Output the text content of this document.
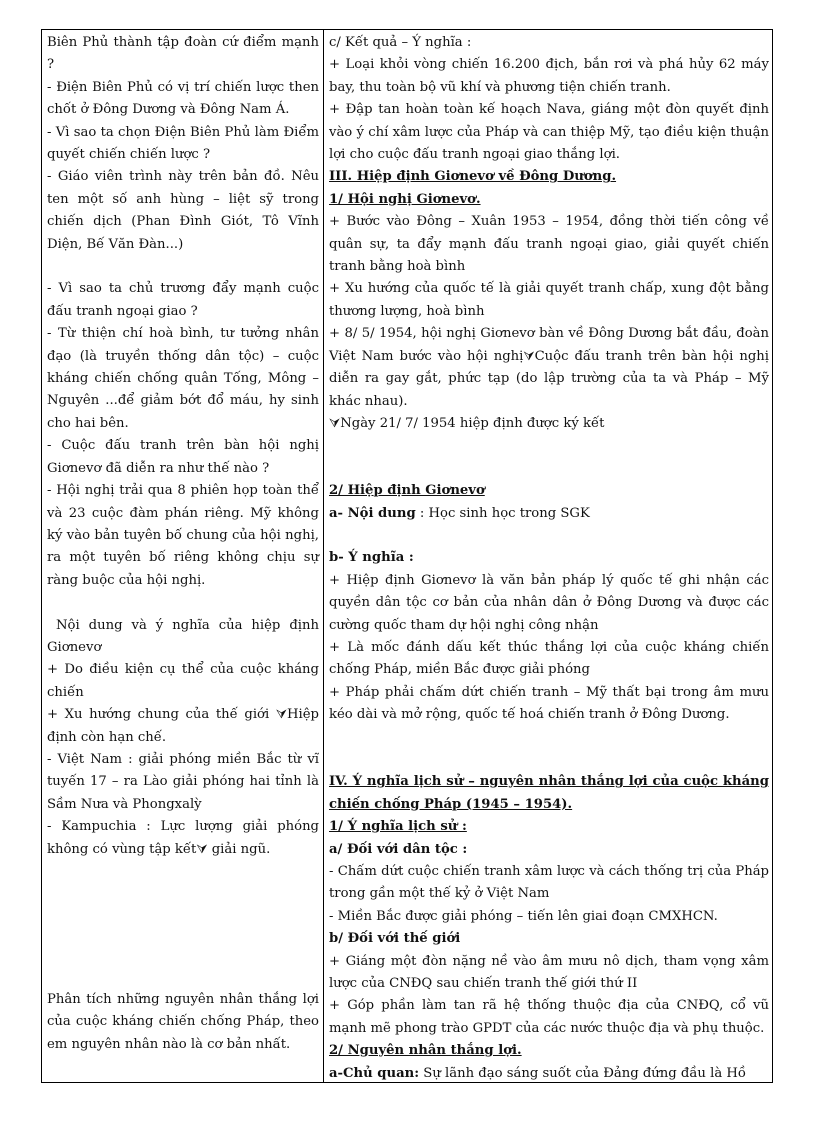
Biên Phủ thành tập đoàn cứ điểm mạnh ?

- Điện Biên Phủ có vị trí chiến lược then chốt ở Đông Dương và Đông Nam Á.

- Vì sao ta chọn Điện Biên Phủ làm Điểm quyết chiến chiến lược ?

- Giáo viên trình này trên bản đồ. Nêu ten một số anh hùng – liệt sỹ trong chiến dịch (Phan Đình Giót, Tô Vĩnh Diện, Bế Văn Đàn...)

- Vì sao ta chủ trương đẩy mạnh cuộc đấu tranh ngoại giao ?

- Từ thiện chí hoà bình, tư tưởng nhân đạo (là truyền thống dân tộc) – cuộc kháng chiến chống quân Tống, Mông – Nguyên ...để giảm bớt đổ máu, hy sinh cho hai bên.

- Cuộc đấu tranh trên bàn hội nghị Giơnevơ đã diễn ra như thế nào ?

- Hội nghị trải qua 8 phiên họp toàn thể và 23 cuộc đàm phán riêng. Mỹ không ký vào bản tuyên bố chung của hội nghị, ra một tuyên bố riêng không chịu sự ràng buộc của hội nghị.

Nội dung và ý nghĩa của hiệp định Giơnevơ

+ Do điều kiện cụ thể của cuộc kháng chiến

+ Xu hướng chung của thế giới ⮛Hiệp định còn hạn chế.

- Việt Nam : giải phóng miền Bắc từ vĩ tuyến 17 – ra Lào giải phóng hai tỉnh là Sầm Nưa và Phongxalỳ

- Kampuchia : Lực lượng giải phóng không có vùng tập kết⮛ giải ngũ.

Phân tích những nguyên nhân thắng lợi của cuộc kháng chiến chống Pháp, theo em nguyên nhân nào là cơ bản nhất.

c/ Kết quả – Ý nghĩa :

+ Loại khỏi vòng chiến 16.200 địch, bắn rơi và phá hủy 62 máy bay, thu toàn bộ vũ khí và phương tiện chiến tranh.

+ Đập tan hoàn toàn kế hoạch Nava, giáng một đòn quyết định vào ý chí xâm lược của Pháp và can thiệp Mỹ, tạo điều kiện thuận lợi cho cuộc đấu tranh ngoại giao thắng lợi.

III. Hiệp định Giơnevơ về Đông Dương.

1/ Hội nghị Giơnevơ.

+ Bước vào Đông – Xuân 1953 – 1954, đồng thời tiến công về quân sự, ta đẩy mạnh đấu tranh ngoại giao, giải quyết chiến tranh bằng hoà bình

+ Xu hướng của quốc tế là giải quyết tranh chấp, xung đột bằng thương lượng, hoà bình

+ 8/ 5/ 1954, hội nghị Giơnevơ bàn về Đông Dương bắt đầu, đoàn Việt Nam bước vào hội nghị⮛Cuộc đấu tranh trên bàn hội nghị diễn ra gay gắt, phức tạp (do lập trường của ta và Pháp – Mỹ khác nhau).

⮛Ngày 21/ 7/ 1954 hiệp định được ký kết

2/ Hiệp định Giơnevơ

a- Nội dung : Học sinh học trong SGK

b- Ý nghĩa :

+ Hiệp định Giơnevơ là văn bản pháp lý quốc tế ghi nhận các quyền dân tộc cơ bản của nhân dân ở Đông Dương và được các cường quốc tham dự hội nghị công nhận

+ Là mốc đánh dấu kết thúc thắng lợi của cuộc kháng chiến chống Pháp, miền Bắc được giải phóng

+ Pháp phải chấm dứt chiến tranh – Mỹ thất bại trong âm mưu kéo dài và mở rộng, quốc tế hoá chiến tranh ở Đông Dương.

IV. Ý nghĩa lịch sử – nguyên nhân thắng lợi của cuộc kháng chiến chống Pháp (1945 – 1954).

1/ Ý nghĩa lịch sử :

a/ Đối với dân tộc :

- Chấm dứt cuộc chiến tranh xâm lược và cách thống trị của Pháp trong gần một thế kỷ ở Việt Nam

- Miền Bắc được giải phóng – tiến lên giai đoạn CMXHCN.

b/ Đối với thế giới

+ Giáng một đòn nặng nề vào âm mưu nô dịch, tham vọng xâm lược của CNĐQ sau chiến tranh thế giới thứ II

+ Góp phần làm tan rã hệ thống thuộc địa của CNĐQ, cổ vũ mạnh mẽ phong trào GPDT của các nước thuộc địa và phụ thuộc.

2/ Nguyên nhân thắng lợi.

a-Chủ quan: Sự lãnh đạo sáng suốt của Đảng đứng đầu là Hồ
